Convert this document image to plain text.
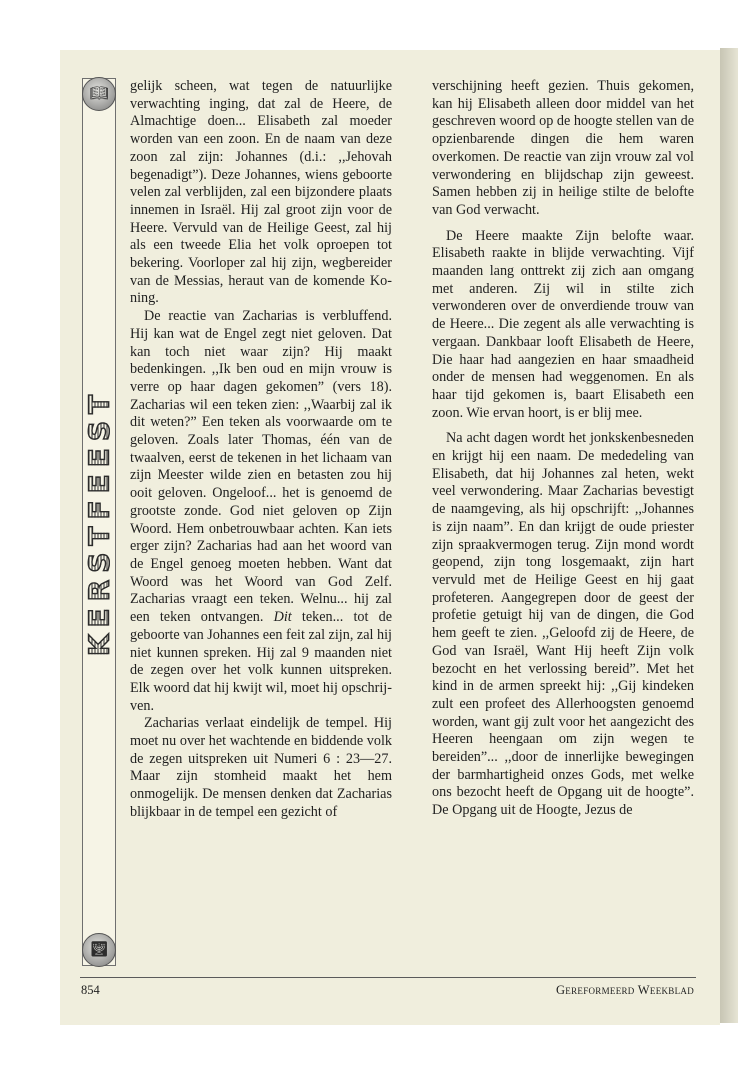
📖︎
KERSTFEEST
🕎︎

gelijk scheen, wat tegen de natuurlijke verwachting inging, dat zal de Heere, de Almachtige doen... Elisabeth zal moeder worden van een zoon. En de naam van deze zoon zal zijn: Johannes (d.i.: ,,Jehovah begenadigt”). Deze Johannes, wiens geboorte velen zal verblijden, zal een bijzondere plaats innemen in Israël. Hij zal groot zijn voor de Heere. Vervuld van de Heilige Geest, zal hij als een tweede Elia het volk oproepen tot bekering. Voorloper zal hij zijn, wegbereider van de Messias, heraut van de komende Koning.

De reactie van Zacharias is verbluffend. Hij kan wat de Engel zegt niet geloven. Dat kan toch niet waar zijn? Hij maakt bedenkingen. ,,Ik ben oud en mijn vrouw is verre op haar dagen gekomen” (vers 18). Zacharias wil een teken zien: ,,Waarbij zal ik dit weten?” Een teken als voorwaarde om te geloven. Zoals later Thomas, één van de twaalven, eerst de tekenen in het lichaam van zijn Meester wilde zien en betasten zou hij ooit geloven. Ongeloof... het is genoemd de grootste zonde. God niet geloven op Zijn Woord. Hem onbetrouwbaar achten. Kan iets erger zijn? Zacharias had aan het woord van de Engel genoeg moeten hebben. Want dat Woord was het Woord van God Zelf. Zacharias vraagt een teken. Welnu... hij zal een teken ontvangen. Dit teken... tot de geboorte van Johannes een feit zal zijn, zal hij niet kunnen spreken. Hij zal 9 maanden niet de zegen over het volk kunnen uitspreken. Elk woord dat hij kwijt wil, moet hij opschrijven.

Zacharias verlaat eindelijk de tempel. Hij moet nu over het wachtende en biddende volk de zegen uitspreken uit Numeri 6 : 23—27. Maar zijn stomheid maakt het hem onmogelijk. De mensen denken dat Zacharias blijkbaar in de tempel een gezicht of

verschijning heeft gezien. Thuis gekomen, kan hij Elisabeth alleen door middel van het geschreven woord op de hoogte stellen van de opzienbarende dingen die hem waren overkomen. De reactie van zijn vrouw zal vol verwondering en blijdschap zijn geweest. Samen hebben zij in heilige stilte de belofte van God verwacht.

De Heere maakte Zijn belofte waar. Elisabeth raakte in blijde verwachting. Vijf maanden lang onttrekt zij zich aan omgang met anderen. Zij wil in stilte zich verwonderen over de onverdiende trouw van de Heere... Die zegent als alle verwachting is vergaan. Dankbaar looft Elisabeth de Heere, Die haar had aangezien en haar smaadheid onder de mensen had weggenomen. En als haar tijd gekomen is, baart Elisabeth een zoon. Wie ervan hoort, is er blij mee.

Na acht dagen wordt het jonkskenbesneden en krijgt hij een naam. De mededeling van Elisabeth, dat hij Johannes zal heten, wekt veel verwondering. Maar Zacharias bevestigt de naamgeving, als hij opschrijft: ,,Johannes is zijn naam”. En dan krijgt de oude priester zijn spraakvermogen terug. Zijn mond wordt geopend, zijn tong losgemaakt, zijn hart vervuld met de Heilige Geest en hij gaat profeteren. Aangegrepen door de geest der profetie getuigt hij van de dingen, die God hem geeft te zien. ,,Geloofd zij de Heere, de God van Israël, Want Hij heeft Zijn volk bezocht en het verlossing bereid”. Met het kind in de armen spreekt hij: ,,Gij kindeken zult een profeet des Allerhoogsten genoemd worden, want gij zult voor het aangezicht des Heeren heengaan om zijn wegen te bereiden”... ,,door de innerlijke bewegingen der barmhartigheid onzes Gods, met welke ons bezocht heeft de Opgang uit de hoogte”. De Opgang uit de Hoogte, Jezus de

854	Gereformeerd Weekblad
